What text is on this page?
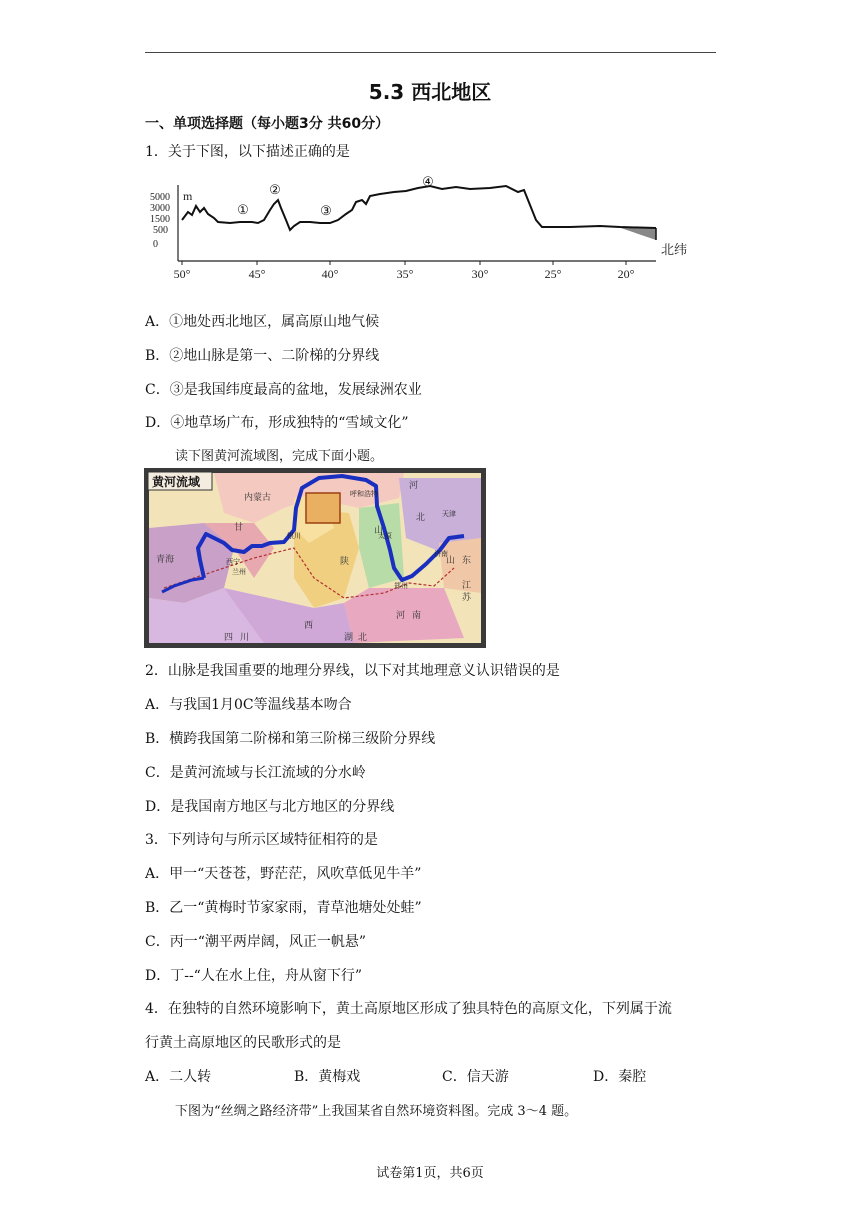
5.3 西北地区
一、单项选择题（每小题3分 共60分）
1．关于下图，以下描述正确的是
5000 m
3000
1500
500
0
50°	45°	40°	35°	30°	25°	20°
①
②
③
④
北纬
A．①地处西北地区，属高原山地气候
B．②地山脉是第一、二阶梯的分界线
C．③是我国纬度最高的盆地，发展绿洲农业
D．④地草场广布，形成独特的“雪域文化”
读下图黄河流域图，完成下面小题。
黄河流域
内蒙古
青海
甘
陕
山
河
北
山 东
河 南
四 川
西
湖 北
江
苏
西宁
兰州
银川	太原
郑州
济南
天津
呼和浩特
2．山脉是我国重要的地理分界线，以下对其地理意义认识错误的是
A．与我国1月0C等温线基本吻合
B．横跨我国第二阶梯和第三阶梯三级阶分界线
C．是黄河流域与长江流域的分水岭
D．是我国南方地区与北方地区的分界线
3．下列诗句与所示区域特征相符的是
A．甲一“天苍苍，野茫茫，风吹草低见牛羊”
B．乙一“黄梅时节家家雨，青草池塘处处蛙”
C．丙一“潮平两岸阔，风正一帆悬”
D．丁--“人在水上住，舟从窗下行”
4．在独特的自然环境影响下，黄土高原地区形成了独具特色的高原文化，下列属于流
行黄土高原地区的民歌形式的是
A．二人转	B．黄梅戏	C．信天游	D．秦腔
下图为“丝绸之路经济带”上我国某省自然环境资料图。完成 3～4 题。
试卷第1页，共6页
